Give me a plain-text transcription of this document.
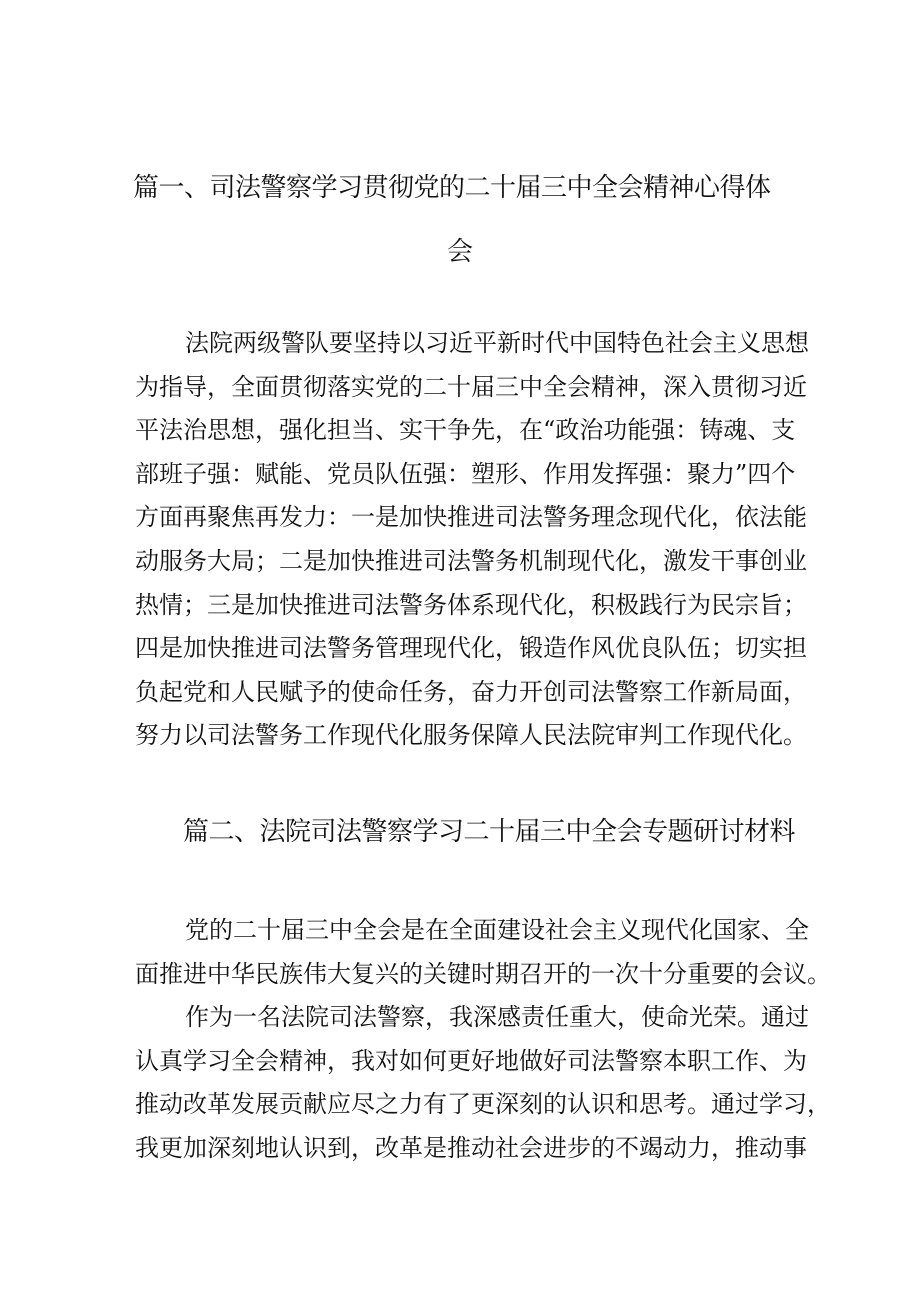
篇一、司法警察学习贯彻党的二十届三中全会精神心得体
会
法院两级警队要坚持以习近平新时代中国特色社会主义思想
为指导，全面贯彻落实党的二十届三中全会精神，深入贯彻习近
平法治思想，强化担当、实干争先，在“政治功能强：铸魂、支
部班子强：赋能、党员队伍强：塑形、作用发挥强：聚力”四个
方面再聚焦再发力：一是加快推进司法警务理念现代化，依法能
动服务大局；二是加快推进司法警务机制现代化，激发干事创业
热情；三是加快推进司法警务体系现代化，积极践行为民宗旨；
四是加快推进司法警务管理现代化，锻造作风优良队伍；切实担
负起党和人民赋予的使命任务，奋力开创司法警察工作新局面，
努力以司法警务工作现代化服务保障人民法院审判工作现代化。
篇二、法院司法警察学习二十届三中全会专题研讨材料
党的二十届三中全会是在全面建设社会主义现代化国家、全
面推进中华民族伟大复兴的关键时期召开的一次十分重要的会议。
作为一名法院司法警察，我深感责任重大，使命光荣。通过
认真学习全会精神，我对如何更好地做好司法警察本职工作、为
推动改革发展贡献应尽之力有了更深刻的认识和思考。通过学习，
我更加深刻地认识到，改革是推动社会进步的不竭动力，推动事
